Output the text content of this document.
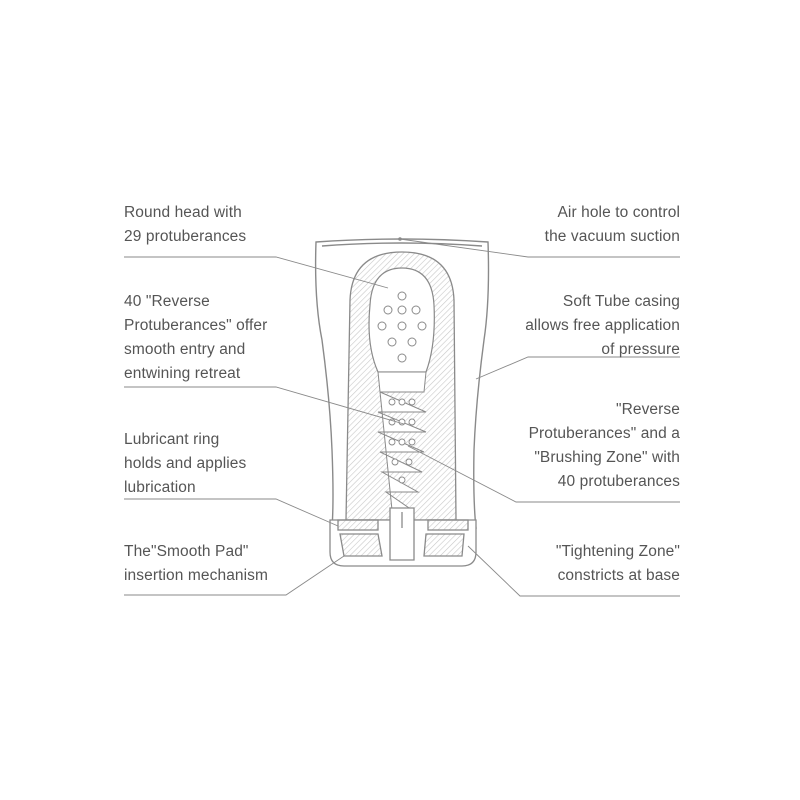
Round head with
29 protuberances
40 "Reverse
Protuberances" offer
smooth entry and
entwining retreat
Lubricant ring
holds and applies
lubrication
The"Smooth Pad"
insertion mechanism
Air hole to control
the vacuum suction
Soft Tube casing
allows free application
of pressure
"Reverse
Protuberances" and a
"Brushing Zone" with
40 protuberances
"Tightening Zone"
constricts at base
